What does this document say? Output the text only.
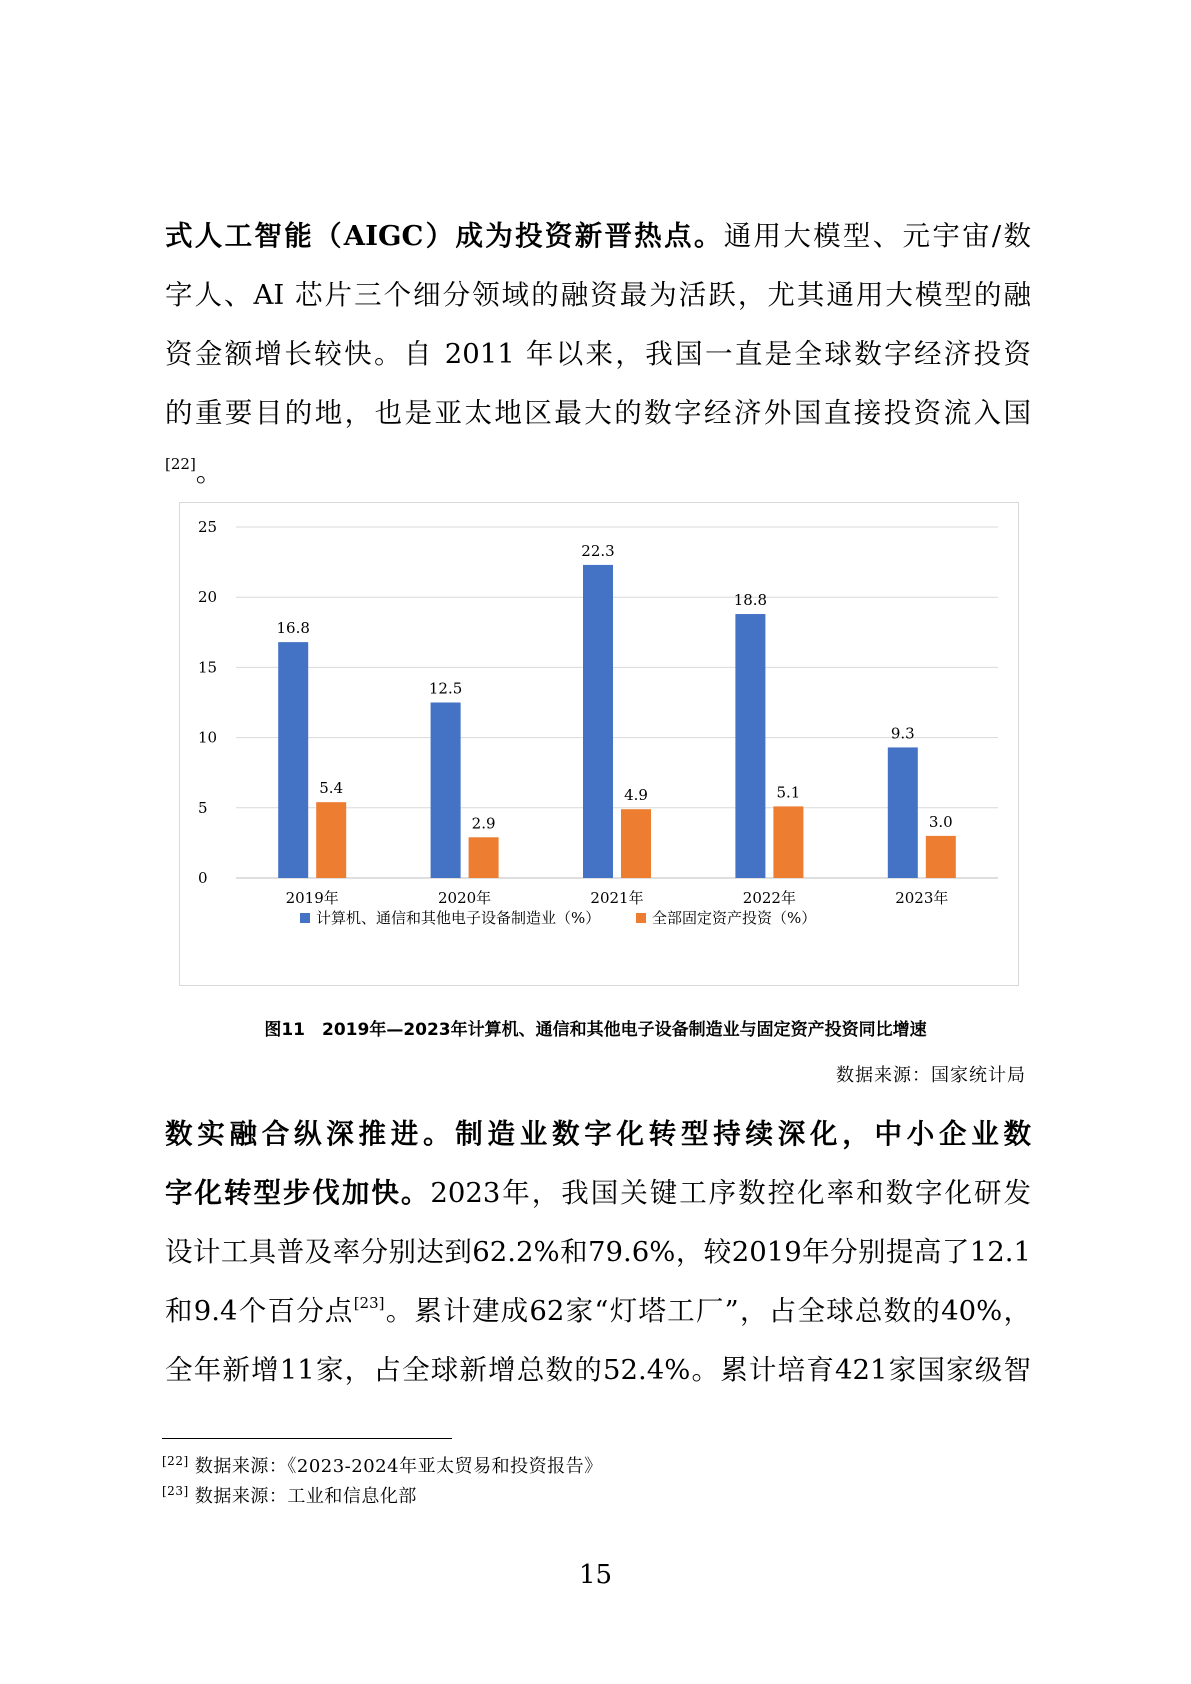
式人工智能（AIGC）成为投资新晋热点。通用大模型、元宇宙/数
字人、AI 芯片三个细分领域的融资最为活跃，尤其通用大模型的融
资金额增长较快。自 2011 年以来，我国一直是全球数字经济投资
的重要目的地，也是亚太地区最大的数字经济外国直接投资流入国
[22]。
0
5
10
15
20
25
2019年
16.8
5.4
2020年
12.5
2.9
2021年
22.3
4.9
2022年
18.8
5.1
2023年
9.3
3.0
计算机、通信和其他电子设备制造业（%）	全部固定资产投资（%）
图11　2019年—2023年计算机、通信和其他电子设备制造业与固定资产投资同比增速
数据来源：国家统计局
数实融合纵深推进。制造业数字化转型持续深化，中小企业数
字化转型步伐加快。2023年，我国关键工序数控化率和数字化研发
设计工具普及率分别达到62.2%和79.6%，较2019年分别提高了12.1
和9.4个百分点[23]。累计建成62家“灯塔工厂”，占全球总数的40%，
全年新增11家，占全球新增总数的52.4%。累计培育421家国家级智
[22] 数据来源：《2023-2024年亚太贸易和投资报告》
[23] 数据来源：工业和信息化部
15
